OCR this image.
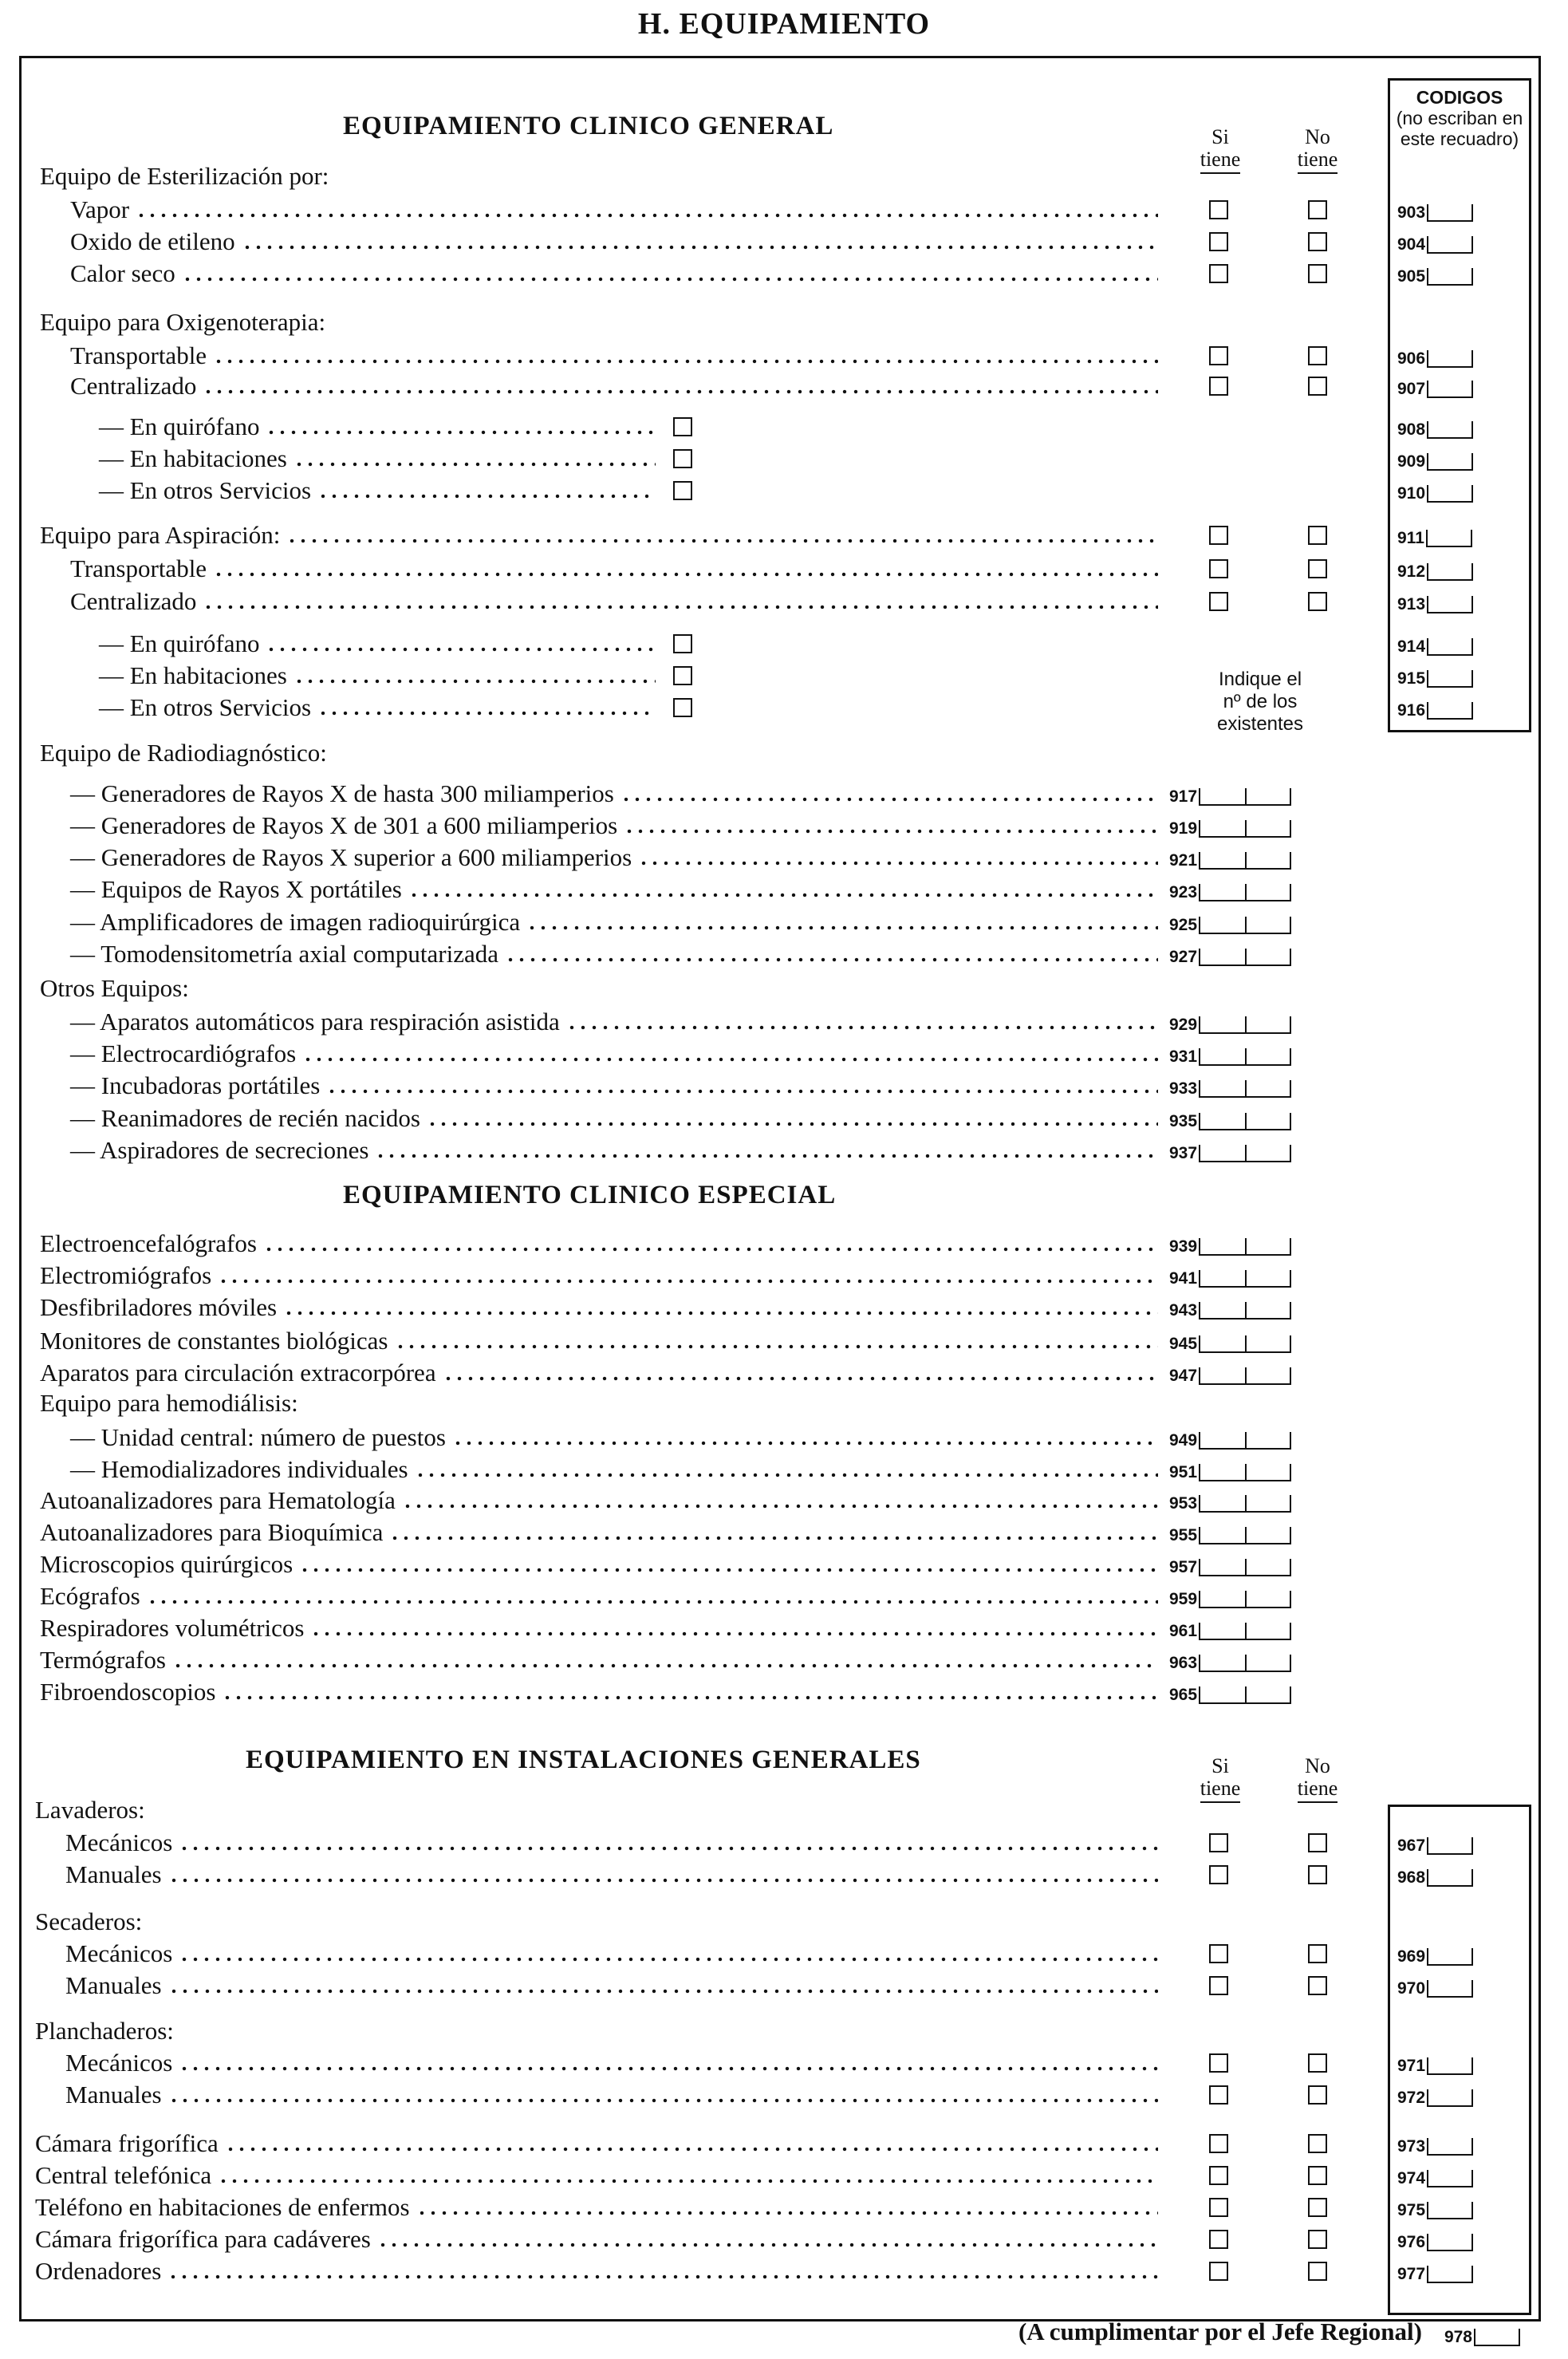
H. EQUIPAMIENTO
EQUIPAMIENTO CLINICO GENERAL
EQUIPAMIENTO CLINICO ESPECIAL
EQUIPAMIENTO EN INSTALACIONES GENERALES
Si
tiene
No
tiene
Si
tiene
No
tiene
CODIGOS
(no escriban en
este recuadro)
Indique el
nº de los
existentes
Equipo de Esterilización por:
Equipo para Oxigenoterapia:
Equipo de Radiodiagnóstico:
Otros Equipos:
Equipo para hemodiálisis:
Lavaderos:
Secaderos:
Planchaderos:
Vapor	903
Oxido de etileno	904
Calor seco	905
Transportable	906
Centralizado	907
Equipo para Aspiración:	911
Transportable	912
Centralizado	913
— En quirófano	908
— En habitaciones	909
— En otros Servicios	910
— En quirófano	914
— En habitaciones	915
— En otros Servicios	916
— Generadores de Rayos X de hasta 300 miliamperios	917
— Generadores de Rayos X de 301 a 600 miliamperios	919
— Generadores de Rayos X superior a 600 miliamperios	921
— Equipos de Rayos X portátiles	923
— Amplificadores de imagen radioquirúrgica	925
— Tomodensitometría axial computarizada	927
— Aparatos automáticos para respiración asistida	929
— Electrocardiógrafos	931
— Incubadoras portátiles	933
— Reanimadores de recién nacidos	935
— Aspiradores de secreciones	937
Electroencefalógrafos	939
Electromiógrafos	941
Desfibriladores móviles	943
Monitores de constantes biológicas	945
Aparatos para circulación extracorpórea	947
— Unidad central: número de puestos	949
— Hemodializadores individuales	951
Autoanalizadores para Hematología	953
Autoanalizadores para Bioquímica	955
Microscopios quirúrgicos	957
Ecógrafos	959
Respiradores volumétricos	961
Termógrafos	963
Fibroendoscopios	965
Mecánicos	967
Manuales	968
Mecánicos	969
Manuales	970
Mecánicos	971
Manuales	972
Cámara frigorífica	973
Central telefónica	974
Teléfono en habitaciones de enfermos	975
Cámara frigorífica para cadáveres	976
Ordenadores	977
(A cumplimentar por el Jefe Regional) 978
